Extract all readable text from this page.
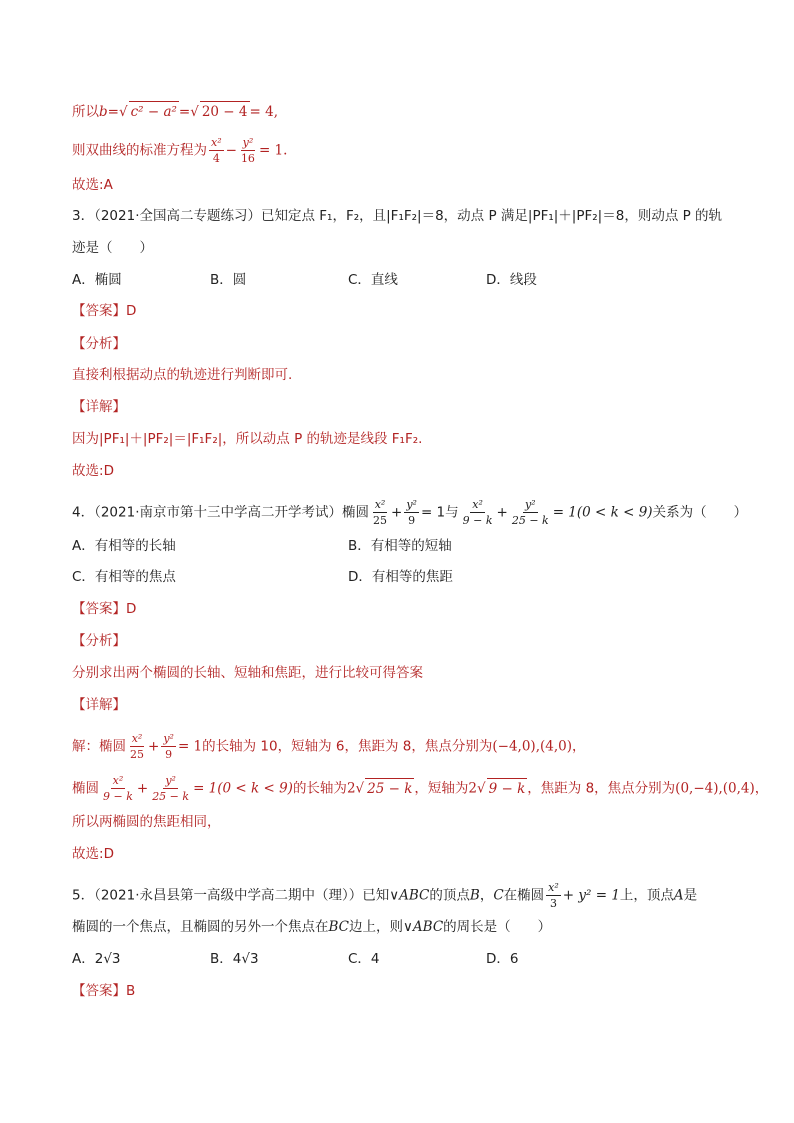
所以b=√ c² − a² =√ 20 − 4 = 4,
则双曲线的标准方程为 $\frac{\text{x²}}{4} - \frac{\text{y²}}{16} = 1$.
故选:A
3．（2021·全国高二专题练习）已知定点 F₁，F₂，且|F₁F₂|＝8，动点 P 满足|PF₁|＋|PF₂|＝8，则动点 P 的轨
迹是（　　）
A．椭圆	B．圆	C．直线	D．线段
【答案】D
【分析】
直接利根据动点的轨迹进行判断即可.
【详解】
因为|PF₁|＋|PF₂|＝|F₁F₂|，所以动点 P 的轨迹是线段 F₁F₂.
故选:D
4．（2021·南京市第十三中学高二开学考试）椭圆 $\frac{\text{x²}}{25} + \frac{\text{y²}}{9} = 1$与 $\frac{\text{x²}}{9 - k} + \frac{\text{y²}}{25 - k} = 1(0 < k < 9)$关系为（　　）
A．有相等的长轴	B．有相等的短轴
C．有相等的焦点	D．有相等的焦距
【答案】D
【分析】
分别求出两个椭圆的长轴、短轴和焦距，进行比较可得答案
【详解】
解：椭圆 $\frac{\text{x²}}{25} + \frac{\text{y²}}{9} = 1$的长轴为 10，短轴为 6，焦距为 8，焦点分别为(−4,0),(4,0)，
椭圆 $\frac{\text{x²}}{9 - k} + \frac{\text{y²}}{25 - k} = 1(0 < k < 9)$的长轴为2√ 25 − k ，短轴为2√ 9 − k ，焦距为 8，焦点分别为(0,−4),(0,4)，
所以两椭圆的焦距相同，
故选:D
5．（2021·永昌县第一高级中学高二期中（理））已知∨ABC的顶点B，C在椭圆 $\frac{\text{x²}}{3} + y^2 = 1$上，顶点A是
椭圆的一个焦点，且椭圆的另外一个焦点在BC边上，则∨ABC的周长是（　　）
A．2√3	B．4√3	C．4	D．6
【答案】B
